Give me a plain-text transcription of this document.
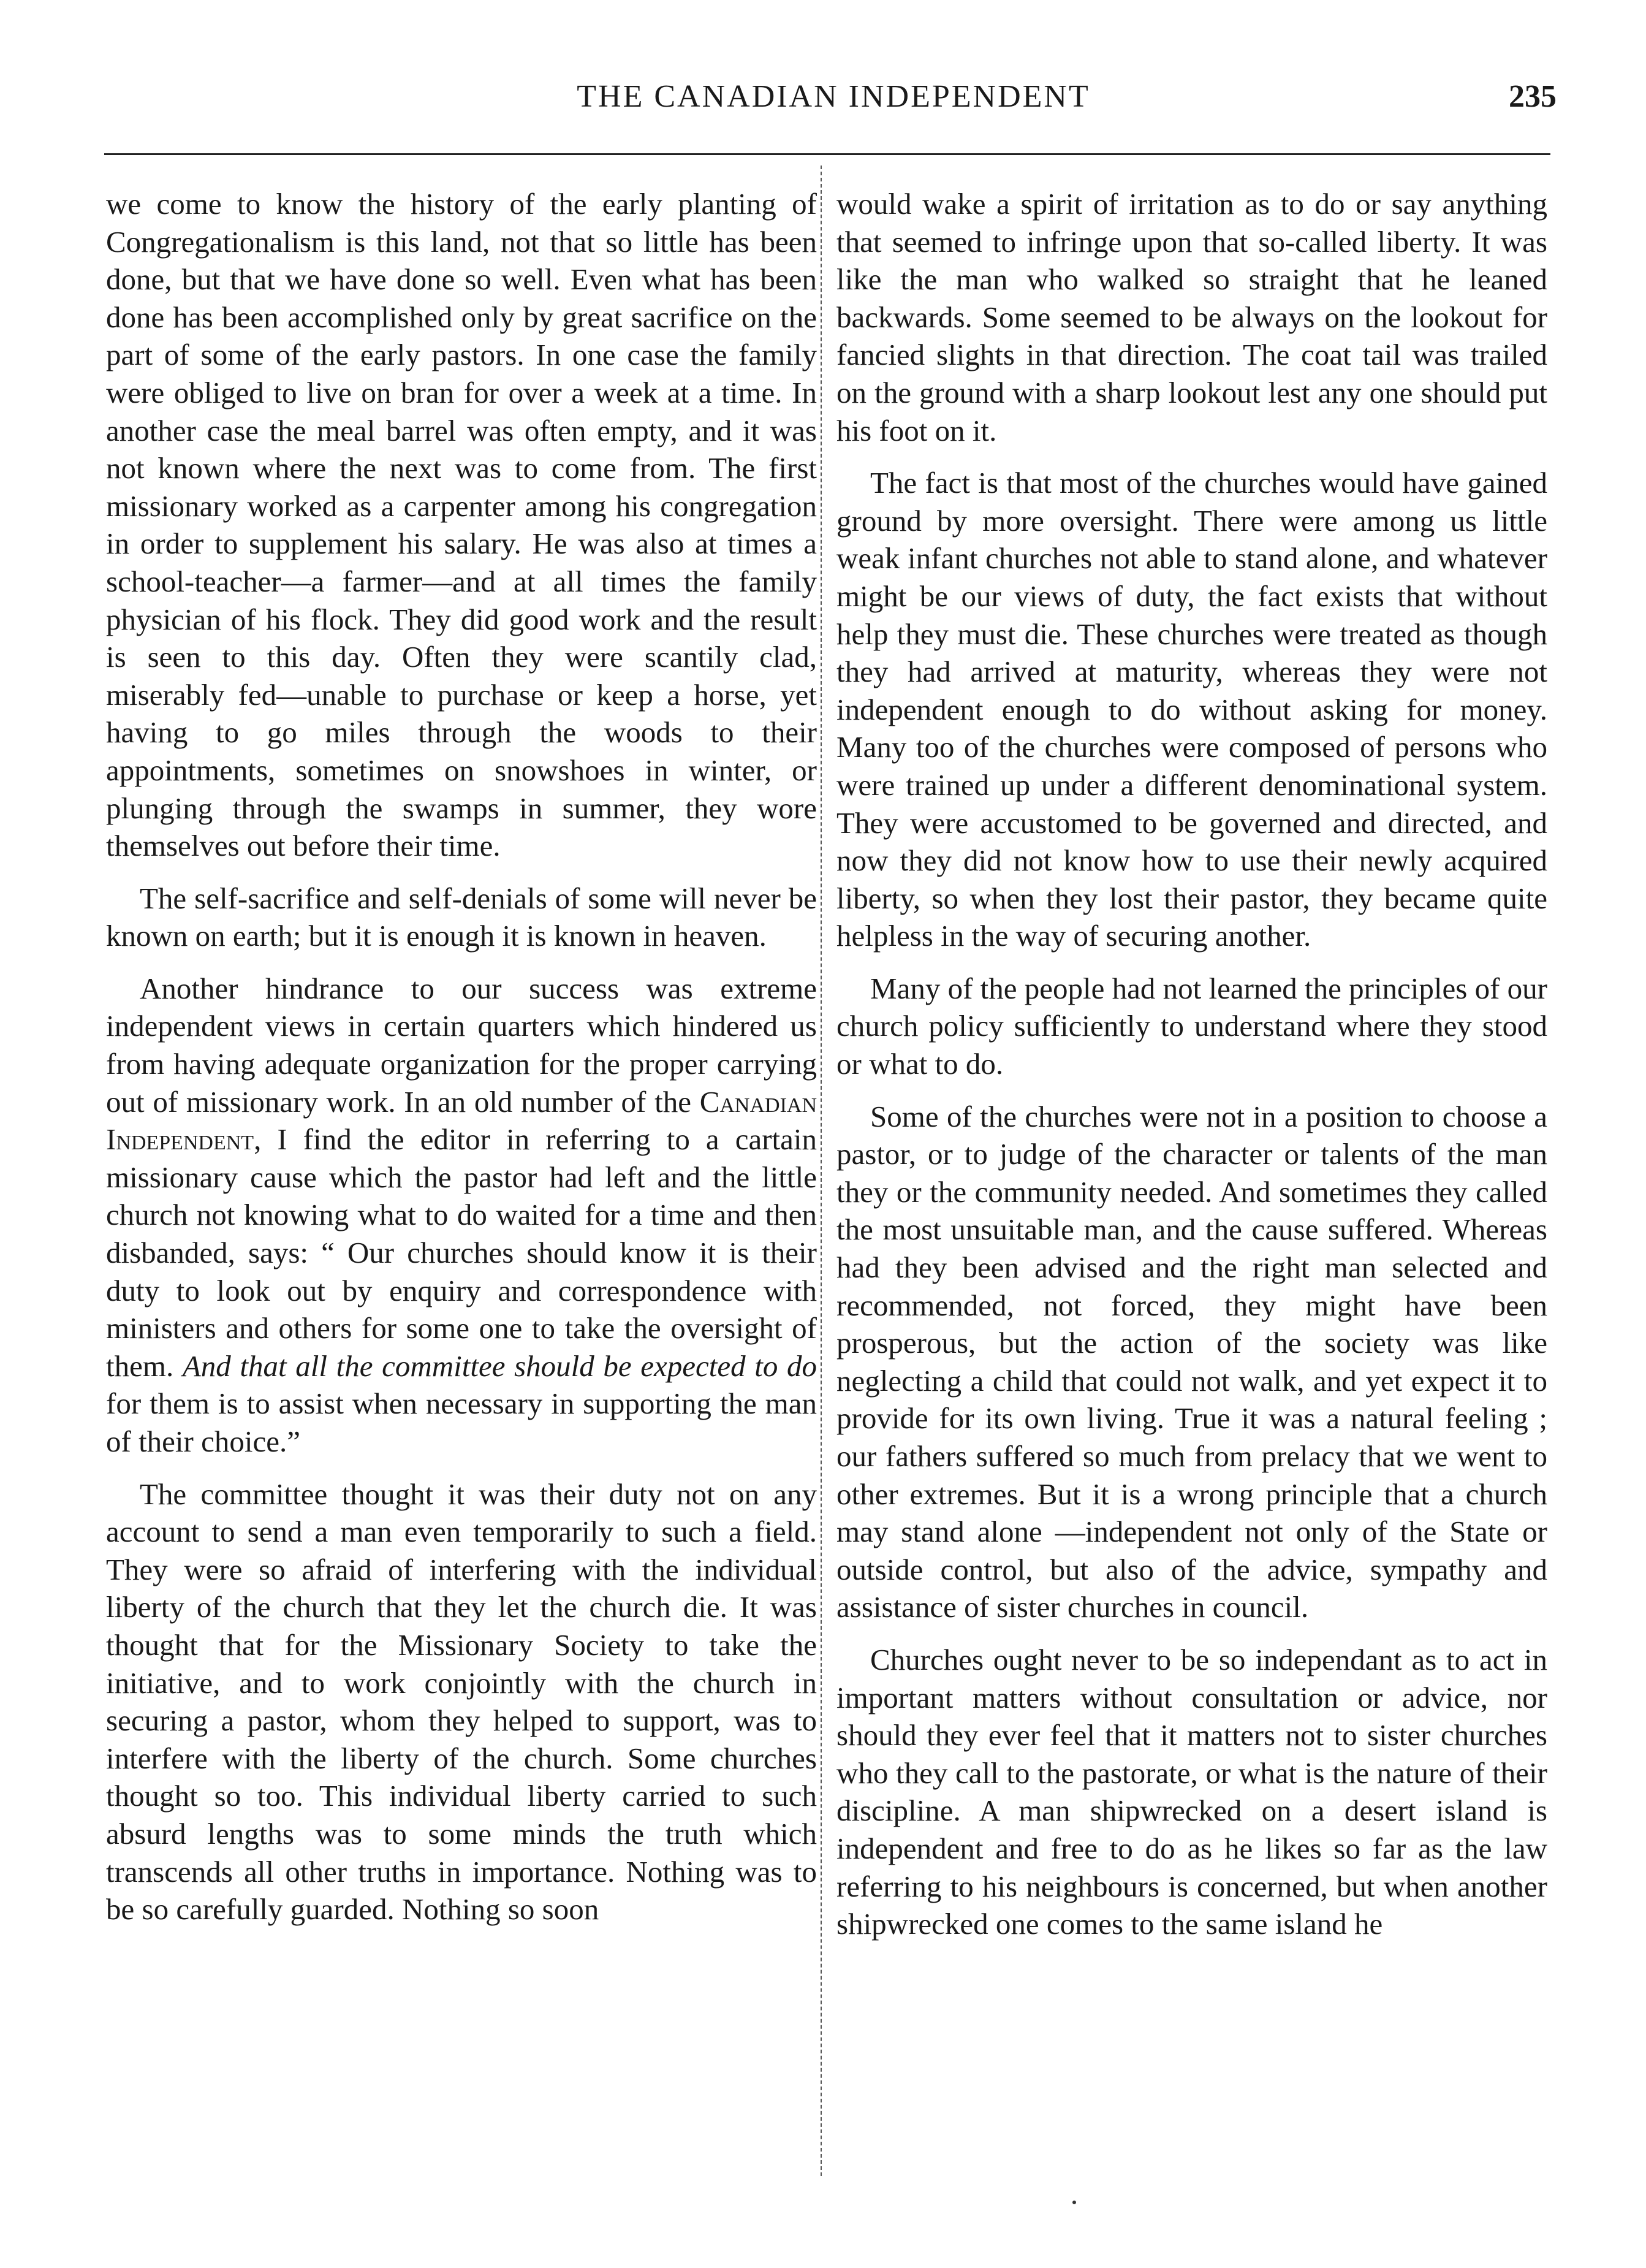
THE CANADIAN INDEPENDENT	235

we come to know the history of the early planting of Congregationalism is this land, not that so little has been done, but that we have done so well. Even what has been done has been accomplished only by great sacrifice on the part of some of the early pastors. In one case the family were obliged to live on bran for over a week at a time. In another case the meal barrel was often empty, and it was not known where the next was to come from. The first missionary worked as a carpenter among his congregation in order to supplement his salary. He was also at times a school-teacher—a farmer—and at all times the family physician of his flock. They did good work and the result is seen to this day. Often they were scantily clad, miserably fed—unable to purchase or keep a horse, yet having to go miles through the woods to their appointments, sometimes on snowshoes in winter, or plunging through the swamps in summer, they wore themselves out before their time.

The self-sacrifice and self-denials of some will never be known on earth; but it is enough it is known in heaven.

Another hindrance to our success was extreme independent views in certain quarters which hindered us from having adequate organization for the proper carrying out of missionary work. In an old number of the Canadian Independent, I find the editor in referring to a cartain missionary cause which the pastor had left and the little church not knowing what to do waited for a time and then disbanded, says: “ Our churches should know it is their duty to look out by enquiry and correspondence with ministers and others for some one to take the oversight of them. And that all the committee should be expected to do for them is to assist when necessary in supporting the man of their choice.”

The committee thought it was their duty not on any account to send a man even temporarily to such a field. They were so afraid of interfering with the individual liberty of the church that they let the church die. It was thought that for the Missionary Society to take the initiative, and to work conjointly with the church in securing a pastor, whom they helped to support, was to interfere with the liberty of the church. Some churches thought so too. This individual liberty carried to such absurd lengths was to some minds the truth which transcends all other truths in importance. Nothing was to be so carefully guarded. Nothing so soon

would wake a spirit of irritation as to do or say anything that seemed to infringe upon that so-called liberty. It was like the man who walked so straight that he leaned backwards. Some seemed to be always on the lookout for fancied slights in that direction. The coat tail was trailed on the ground with a sharp lookout lest any one should put his foot on it.

The fact is that most of the churches would have gained ground by more oversight. There were among us little weak infant churches not able to stand alone, and whatever might be our views of duty, the fact exists that without help they must die. These churches were treated as though they had arrived at maturity, whereas they were not independent enough to do without asking for money. Many too of the churches were composed of persons who were trained up under a different denominational system. They were accustomed to be governed and directed, and now they did not know how to use their newly acquired liberty, so when they lost their pastor, they became quite helpless in the way of securing another.

Many of the people had not learned the principles of our church policy sufficiently to understand where they stood or what to do.

Some of the churches were not in a position to choose a pastor, or to judge of the character or talents of the man they or the community needed. And sometimes they called the most unsuitable man, and the cause suffered. Whereas had they been advised and the right man selected and recommended, not forced, they might have been prosperous, but the action of the society was like neglecting a child that could not walk, and yet expect it to provide for its own living. True it was a natural feeling ; our fathers suffered so much from prelacy that we went to other extremes. But it is a wrong principle that a church may stand alone —independent not only of the State or outside control, but also of the advice, sympathy and assistance of sister churches in council.

Churches ought never to be so independant as to act in important matters without consultation or advice, nor should they ever feel that it matters not to sister churches who they call to the pastorate, or what is the nature of their discipline. A man shipwrecked on a desert island is independent and free to do as he likes so far as the law referring to his neighbours is concerned, but when another shipwrecked one comes to the same island he
